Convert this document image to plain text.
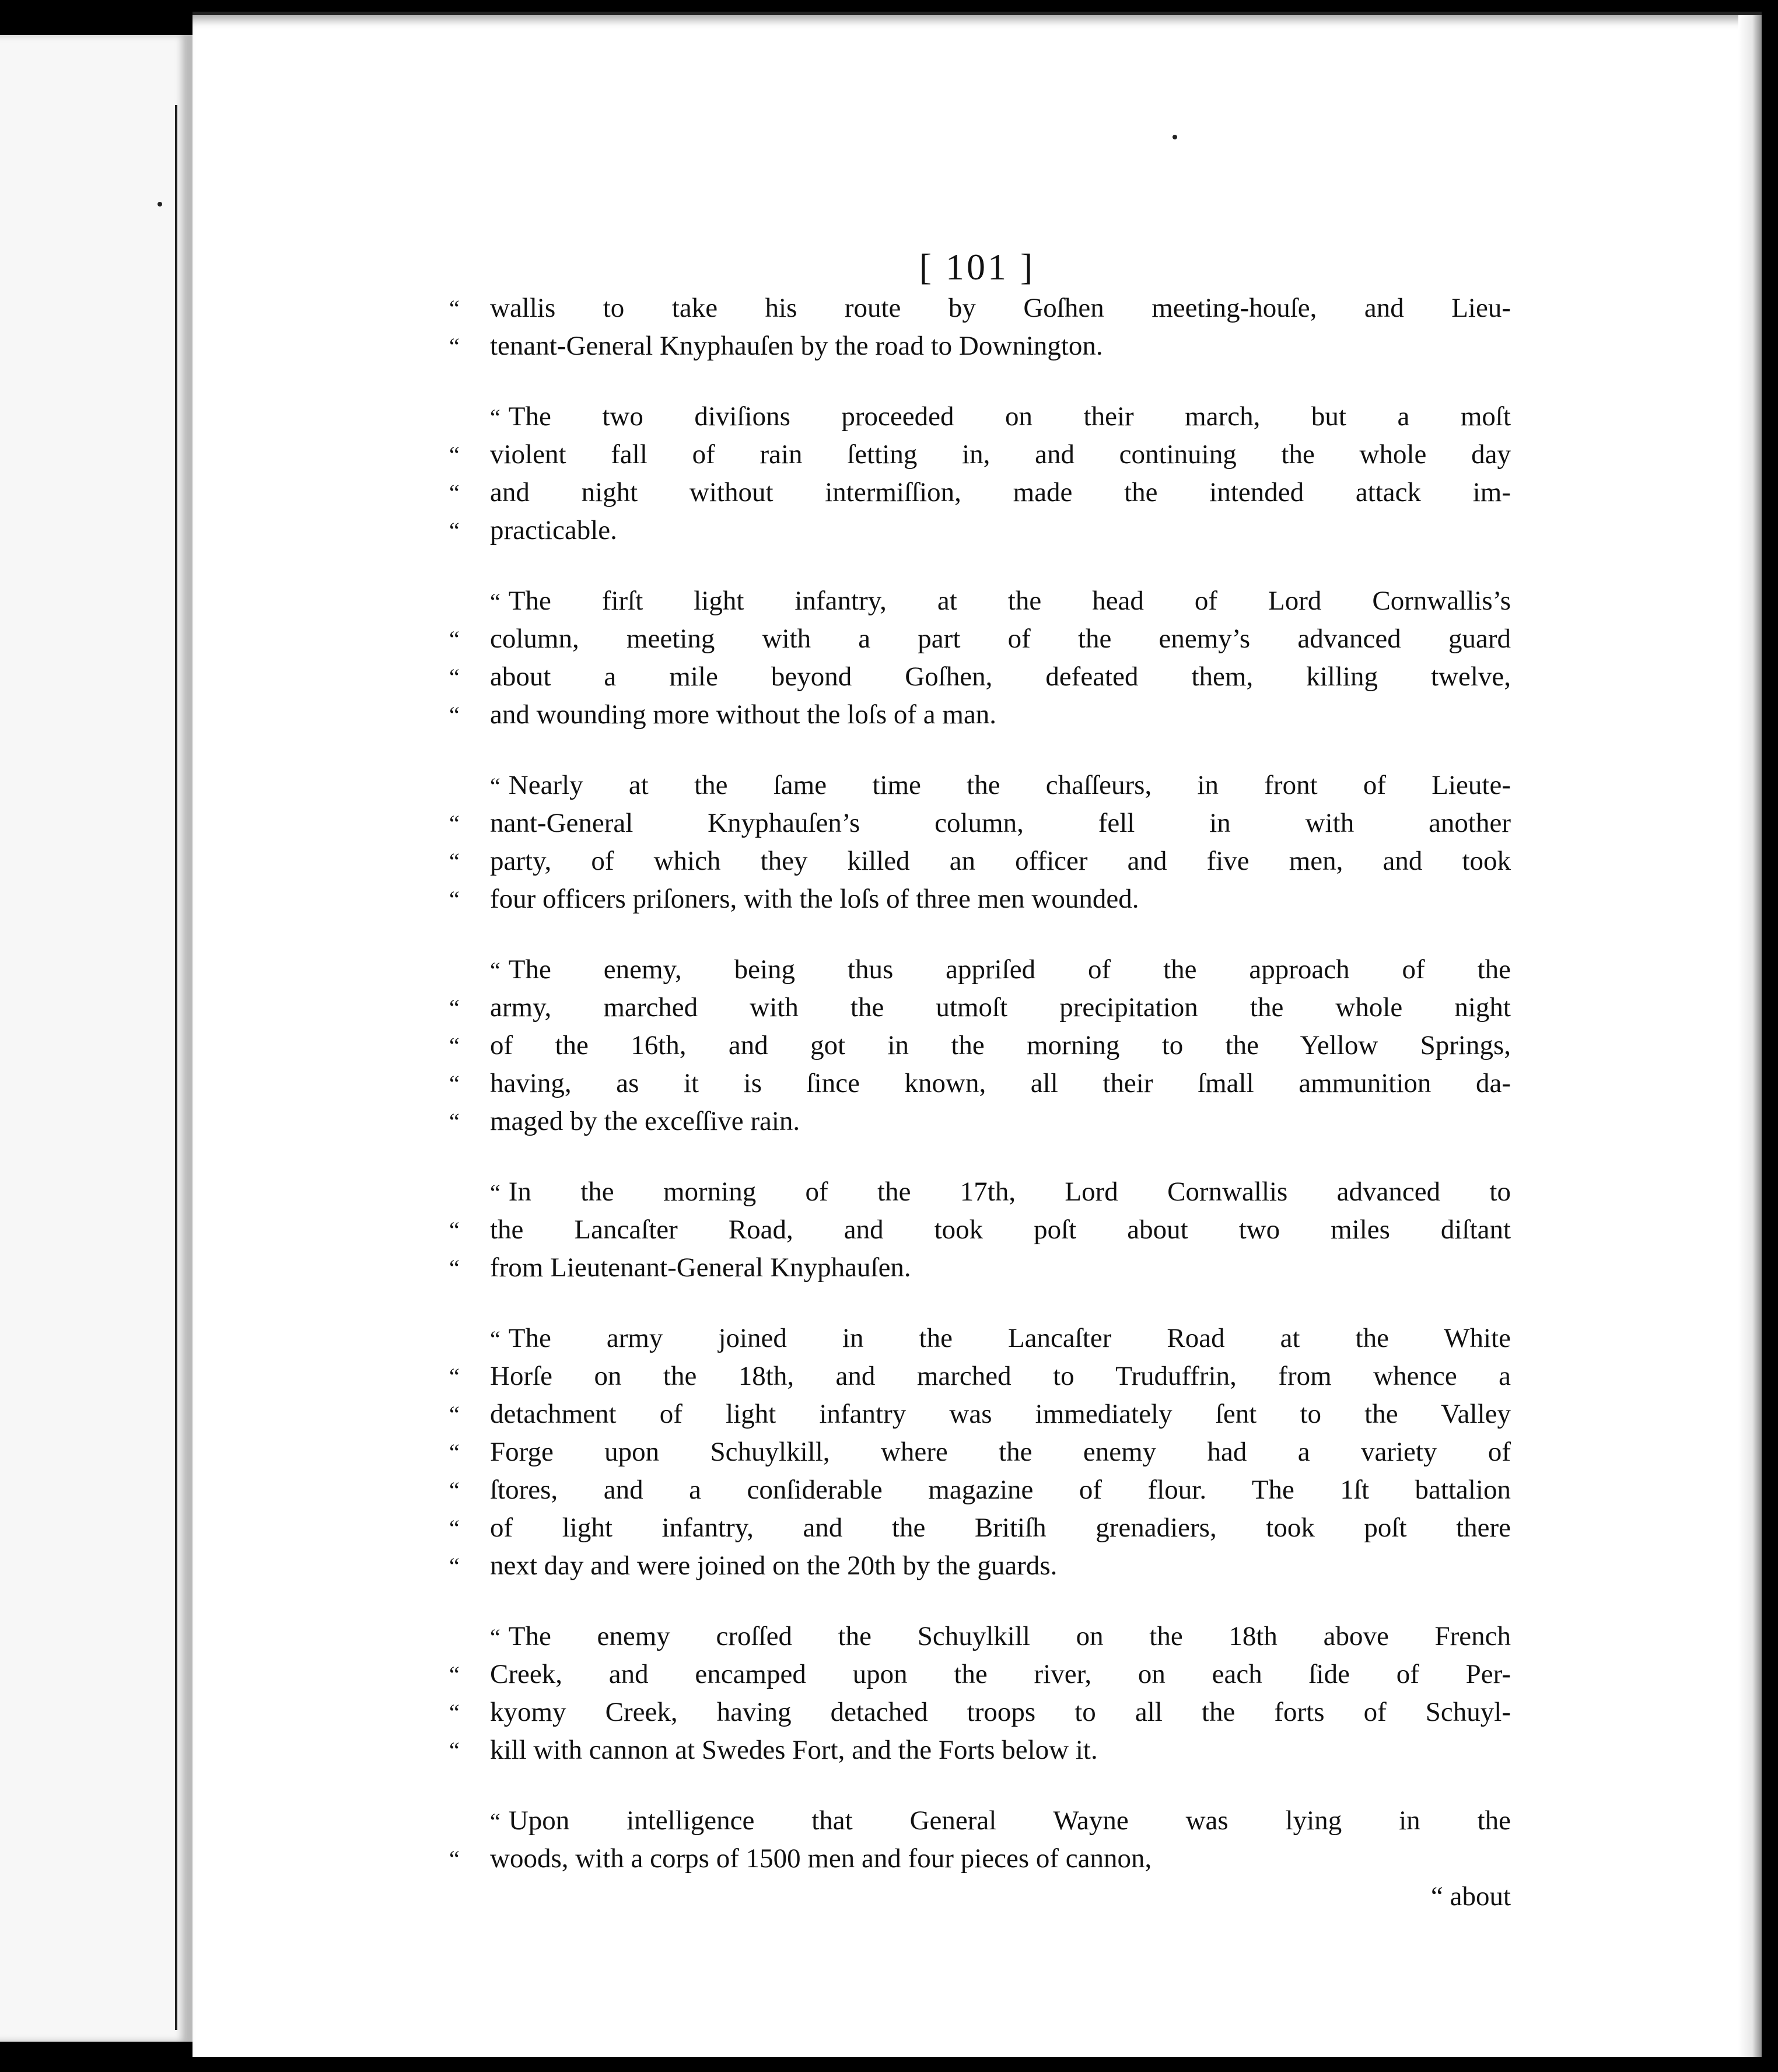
[ 101 ]
“	wallis to take his route by Goſhen meeting-houſe, and Lieu-
“	tenant-General Knyphauſen by the road to Downington.
“ The two diviſions proceeded on their march, but a moſt
“	violent fall of rain ſetting in, and continuing the whole day
“	and night without intermiſſion, made the intended attack im-
“	practicable.
“ The firſt light infantry, at the head of Lord Cornwallis’s
“	column, meeting with a part of the enemy’s advanced guard
“	about a mile beyond Goſhen, defeated them, killing twelve,
“	and wounding more without the loſs of a man.
“ Nearly at the ſame time the chaſſeurs, in front of Lieute-
“	nant-General Knyphauſen’s column, fell in with another
“	party, of which they killed an officer and five men, and took
“	four officers priſoners, with the loſs of three men wounded.
“ The enemy, being thus appriſed of the approach of the
“	army, marched with the utmoſt precipitation the whole night
“	of the 16th, and got in the morning to the Yellow Springs,
“	having, as it is ſince known, all their ſmall ammunition da-
“	maged by the exceſſive rain.
“ In the morning of the 17th, Lord Cornwallis advanced to
“	the Lancaſter Road, and took poſt about two miles diſtant
“	from Lieutenant-General Knyphauſen.
“ The army joined in the Lancaſter Road at the White
“	Horſe on the 18th, and marched to Truduffrin, from whence a
“	detachment of light infantry was immediately ſent to the Valley
“	Forge upon Schuylkill, where the enemy had a variety of
“	ſtores, and a conſiderable magazine of flour. The 1ſt battalion
“	of light infantry, and the Britiſh grenadiers, took poſt there
“	next day and were joined on the 20th by the guards.
“ The enemy croſſed the Schuylkill on the 18th above French
“	Creek, and encamped upon the river, on each ſide of Per-
“	kyomy Creek, having detached troops to all the forts of Schuyl-
“	kill with cannon at Swedes Fort, and the Forts below it.
“ Upon intelligence that General Wayne was lying in the
“	woods, with a corps of 1500 men and four pieces of cannon,
“ about
